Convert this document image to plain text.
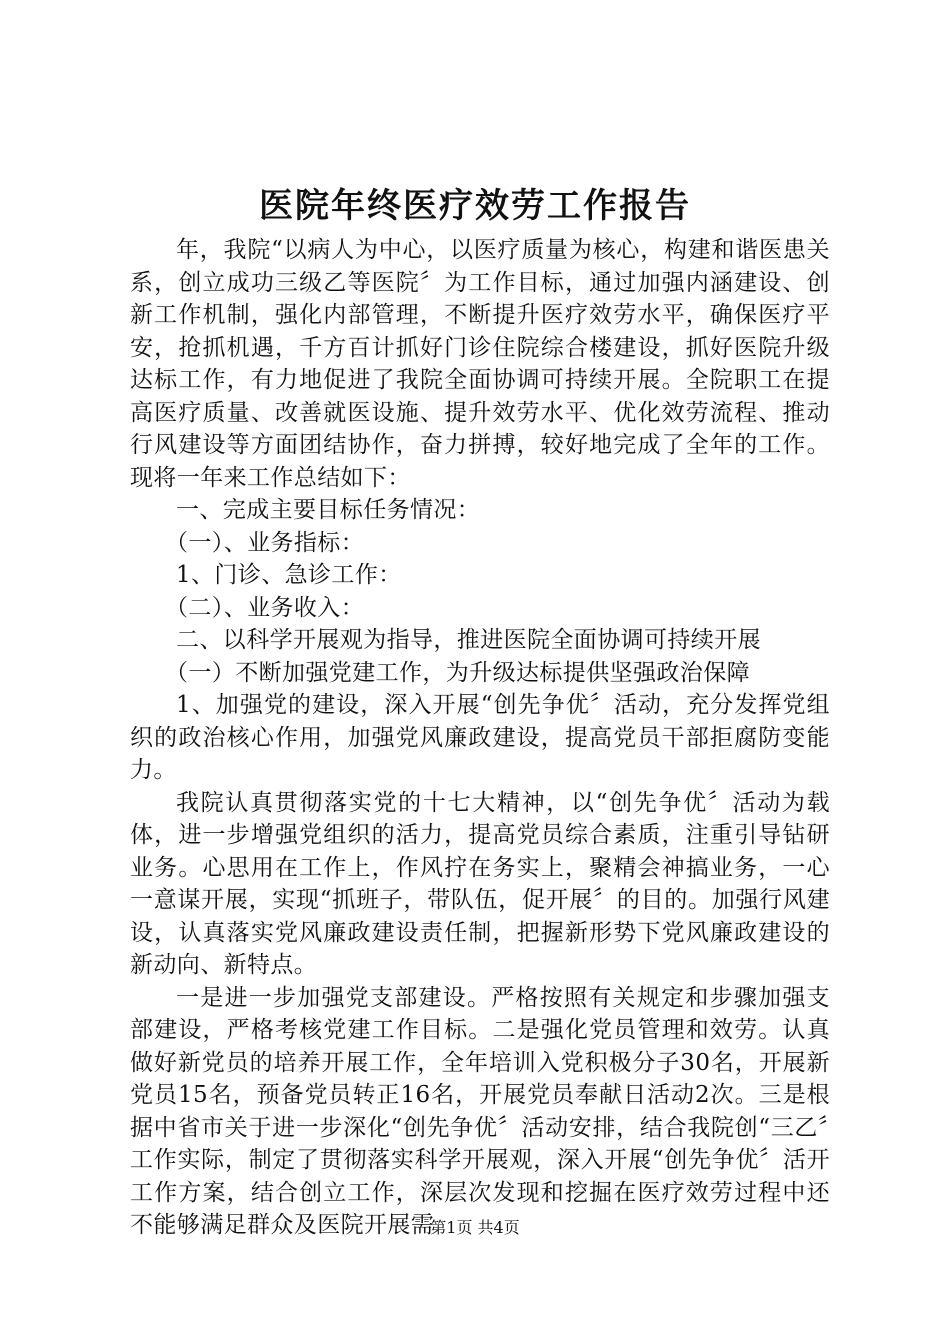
医院年终医疗效劳工作报告

年，我院“以病人为中心，以医疗质量为核心，构建和谐医患关系，创立成功三级乙等医院〞为工作目标，通过加强内涵建设、创新工作机制，强化内部管理，不断提升医疗效劳水平，确保医疗平安，抢抓机遇，千方百计抓好门诊住院综合楼建设，抓好医院升级达标工作，有力地促进了我院全面协调可持续开展。全院职工在提高医疗质量、改善就医设施、提升效劳水平、优化效劳流程、推动行风建设等方面团结协作，奋力拼搏，较好地完成了全年的工作。现将一年来工作总结如下：

一、完成主要目标任务情况：

（一）、业务指标：

1、门诊、急诊工作：

（二）、业务收入：

二、以科学开展观为指导，推进医院全面协调可持续开展

（一）不断加强党建工作，为升级达标提供坚强政治保障

1、加强党的建设，深入开展“创先争优〞活动，充分发挥党组织的政治核心作用，加强党风廉政建设，提高党员干部拒腐防变能力。

我院认真贯彻落实党的十七大精神，以“创先争优〞活动为载体，进一步增强党组织的活力，提高党员综合素质，注重引导钻研业务。心思用在工作上，作风拧在务实上，聚精会神搞业务，一心一意谋开展，实现“抓班子，带队伍，促开展〞的目的。加强行风建设，认真落实党风廉政建设责任制，把握新形势下党风廉政建设的新动向、新特点。

一是进一步加强党支部建设。严格按照有关规定和步骤加强支部建设，严格考核党建工作目标。二是强化党员管理和效劳。认真做好新党员的培养开展工作，全年培训入党积极分子30名，开展新党员15名，预备党员转正16名，开展党员奉献日活动2次。三是根据中省市关于进一步深化“创先争优〞活动安排，结合我院创“三乙〞工作实际，制定了贯彻落实科学开展观，深入开展“创先争优〞活开工作方案，结合创立工作，深层次发现和挖掘在医疗效劳过程中还不能够满足群众及医院开展需

第1页 共4页
